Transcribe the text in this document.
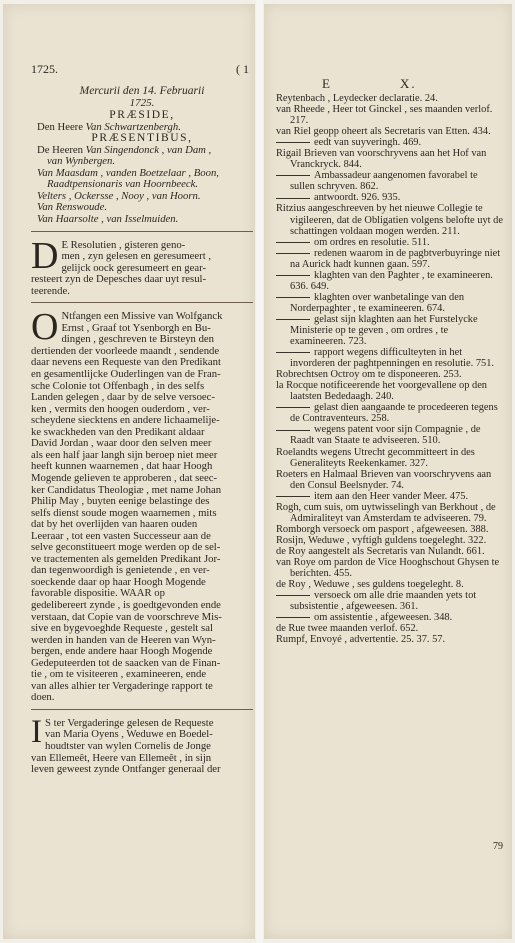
1725.	( 1
Mercurii den 14. Februarii
1725.
PRÆSIDE,
Den Heere Van Schwartzenbergh.
PRÆSENTIBUS,
De Heeren Van Singendonck , van Dam ,
van Wynbergen.
Van Maasdam , vanden Boetzelaar , Boon,
Raadtpensionaris van Hoornbeeck.
Velters , Ockersse , Nooy , van Hoorn.
Van Renswoude.
Van Haarsolte , van Isselmuiden.
D E Resolutien , gisteren geno-
men , zyn gelesen en geresumeert ,
gelijck oock geresumeert en gear-
resteert zyn de Depesches daar uyt resul-
teerende.
O Ntfangen een Missive van Wolfganck
Ernst , Graaf tot Ysenborgh en Bu-
dingen , geschreven te Birsteyn den
dertienden der voorleede maandt , sendende
daar nevens een Requeste van den Predikant
en gesamentlijcke Ouderlingen van de Fran-
sche Colonie tot Offenbagh , in des selfs
Landen gelegen , daar by de selve versoec-
ken , vermits den hoogen ouderdom , ver-
scheydene siecktens en andere lichaamelije-
ke swackheden van den Predikant aldaar
David Jordan , waar door den selven meer
als een half jaar langh sijn beroep niet meer
heeft kunnen waarnemen , dat haar Hoogh
Mogende gelieven te approberen , dat seec-
ker Candidatus Theologiæ , met name Johan
Philip May , buyten eenige belastinge des
selfs dienst soude mogen waarnemen , mits
dat by het overlijden van haaren ouden
Leeraar , tot een vasten Successeur aan de
selve geconstitueert moge werden op de sel-
ve tractementen als gemelden Predikant Jor-
dan tegenwoordigh is genietende , en ver-
soeckende daar op haar Hoogh Mogende
favorable dispositie. WAAR op
gedelibereert zynde , is goedtgevonden ende
verstaan, dat Copie van de voorschreve Mis-
sive en bygevoeghde Requeste , gestelt sal
werden in handen van de Heeren van Wyn-
bergen, ende andere haar Hoogh Mogende
Gedeputeerden tot de saacken van de Finan-
tie , om te visiteeren , examineeren, ende
van alles alhier ter Vergaderinge rapport te
doen.
I S ter Vergaderinge gelesen de Requeste
van Maria Oyens , Weduwe en Boedel-
houdtster van wylen Cornelis de Jonge
van Ellemeêt, Heere van Ellemeêt , in sijn
leven geweest zynde Ontfanger generaal der
E	X.
Reytenbach , Leydecker declaratie. 24.
van Rheede , Heer tot Ginckel , ses maanden verlof. 217.
van Riel geopp oheert als Secretaris van Etten. 434.
eedt van suyveringh. 469.
Rigail Brieven van voorschryvens aan het Hof van Vranckryck. 844.
Ambassadeur aangenomen favorabel te sullen schryven. 862.
antwoordt. 926. 935.
Ritzius aangeschreeven by het nieuwe Collegie te vigileeren, dat de Obligatien volgens belofte uyt de schattingen voldaan mogen werden. 211.
om ordres en resolutie. 511.
redenen waarom in de pagbtverbuyringe niet na Aurick hadt kunnen gaan. 597.
klaghten van den Paghter , te examineeren. 636. 649.
klaghten over wanbetalinge van den Norderpaghter , te examineeren. 674.
gelast sijn klaghten aan het Furstelycke Ministerie op te geven , om ordres , te examineeren. 723.
rapport wegens difficulteyten in het invorderen der paghtpenningen en resolutie. 751.
Robrechtsen Octroy om te disponeeren. 253.
la Rocque notificeerende het voorgevallene op den laatsten Bededaagh. 240.
gelast dien aangaande te procedeeren tegens de Contraventeurs. 258.
wegens patent voor sijn Compagnie , de Raadt van Staate te adviseeren. 510.
Roelandts wegens Utrecht gecommitteert in des Generaliteyts Reekenkamer. 327.
Roeters en Halmaal Brieven van voorschryvens aan den Consul Beelsnyder. 74.
item aan den Heer vander Meer. 475.
Rogh, cum suis, om uytwisselingh van Berkhout , de Admiraliteyt van Amsterdam te adviseeren. 79.
Romborgh versoeck om pasport , afgeweesen. 388.
Rosijn, Weduwe , vyftigh guldens toegeleght. 322.
de Roy aangestelt als Secretaris van Nulandt. 661.
van Roye om pardon de Vice Hooghschout Ghysen te berichten. 455.
de Roy , Weduwe , ses guldens toegeleght. 8.
versoeck om alle drie maanden yets tot subsistentie , afgeweesen. 361.
om assistentie , afgeweesen. 348.
de Rue twee maanden verlof. 652.
Rumpf, Envoyé , advertentie. 25. 37. 57.
79
